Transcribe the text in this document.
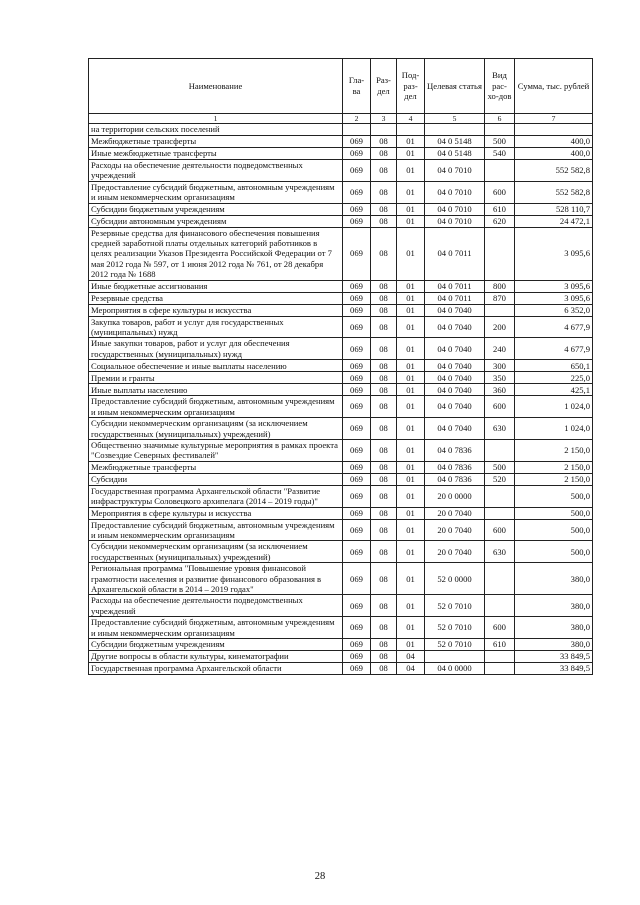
Наименование	Гла-ва	Раз-дел	Под-раз-дел	Целевая статья	Вид рас-хо-дов	Сумма, тыс. рублей
1	2	3	4	5	6	7
на территории сельских поселений						
Межбюджетные трансферты	069	08	01	04 0 5148	500	400,0
Иные межбюджетные трансферты	069	08	01	04 0 5148	540	400,0
Расходы на обеспечение деятельности подведомственных учреждений	069	08	01	04 0 7010		552 582,8
Предоставление субсидий бюджетным, автономным учреждениям и иным некоммерческим организациям	069	08	01	04 0 7010	600	552 582,8
Субсидии бюджетным учреждениям	069	08	01	04 0 7010	610	528 110,7
Субсидии автономным учреждениям	069	08	01	04 0 7010	620	24 472,1
Резервные средства для финансового обеспечения повышения средней заработной платы отдельных категорий работников в целях реализации Указов Президента Российской Федерации от 7 мая 2012 года № 597, от 1 июня 2012 года № 761, от 28 декабря 2012 года № 1688	069	08	01	04 0 7011		3 095,6
Иные бюджетные ассигнования	069	08	01	04 0 7011	800	3 095,6
Резервные средства	069	08	01	04 0 7011	870	3 095,6
Мероприятия в сфере культуры и искусства	069	08	01	04 0 7040		6 352,0
Закупка товаров, работ и услуг для государственных (муниципальных) нужд	069	08	01	04 0 7040	200	4 677,9
Иные закупки товаров, работ и услуг для обеспечения государственных (муниципальных) нужд	069	08	01	04 0 7040	240	4 677,9
Социальное обеспечение и иные выплаты населению	069	08	01	04 0 7040	300	650,1
Премии и гранты	069	08	01	04 0 7040	350	225,0
Иные выплаты населению	069	08	01	04 0 7040	360	425,1
Предоставление субсидий бюджетным, автономным учреждениям и иным некоммерческим организациям	069	08	01	04 0 7040	600	1 024,0
Субсидии некоммерческим организациям (за исключением государственных (муниципальных) учреждений)	069	08	01	04 0 7040	630	1 024,0
Общественно значимые культурные мероприятия в рамках проекта "Созвездие Северных фестивалей"	069	08	01	04 0 7836		2 150,0
Межбюджетные трансферты	069	08	01	04 0 7836	500	2 150,0
Субсидии	069	08	01	04 0 7836	520	2 150,0
Государственная программа Архангельской области "Развитие инфраструктуры Соловецкого архипелага (2014 – 2019 годы)"	069	08	01	20 0 0000		500,0
Мероприятия в сфере культуры и искусства	069	08	01	20 0 7040		500,0
Предоставление субсидий бюджетным, автономным учреждениям и иным некоммерческим организациям	069	08	01	20 0 7040	600	500,0
Субсидии некоммерческим организациям (за исключением государственных (муниципальных) учреждений)	069	08	01	20 0 7040	630	500,0
Региональная программа "Повышение уровня финансовой грамотности населения и развитие финансового образования в Архангельской области в 2014 – 2019 годах"	069	08	01	52 0 0000		380,0
Расходы на обеспечение деятельности подведомственных учреждений	069	08	01	52 0 7010		380,0
Предоставление субсидий бюджетным, автономным учреждениям и иным некоммерческим организациям	069	08	01	52 0 7010	600	380,0
Субсидии бюджетным учреждениям	069	08	01	52 0 7010	610	380,0
Другие вопросы в области культуры, кинематографии	069	08	04			33 849,5
Государственная программа Архангельской области	069	08	04	04 0 0000		33 849,5
28
